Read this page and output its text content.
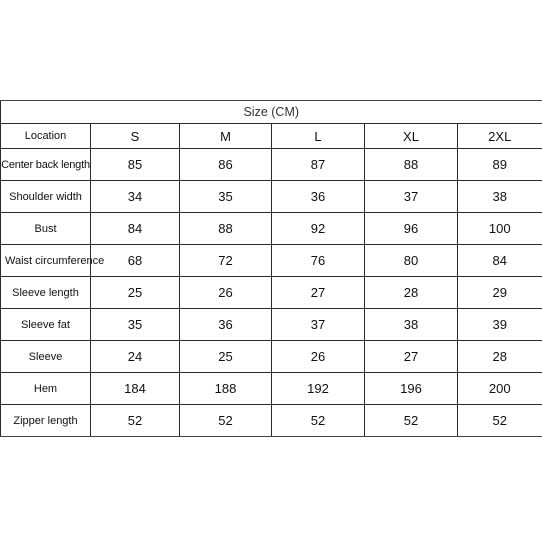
Size (CM)					
Location	S	M	L	XL	2XL
Center back length	85	86	87	88	89
Shoulder width	34	35	36	37	38
Bust	84	88	92	96	100

Waist circumference	68	72	76	80	84
Sleeve length	25	26	27	28	29
Sleeve fat	35	36	37	38	39
Sleeve	24	25	26	27	28
Hem	184	188	192	196	200
Zipper length	52	52	52	52	52
